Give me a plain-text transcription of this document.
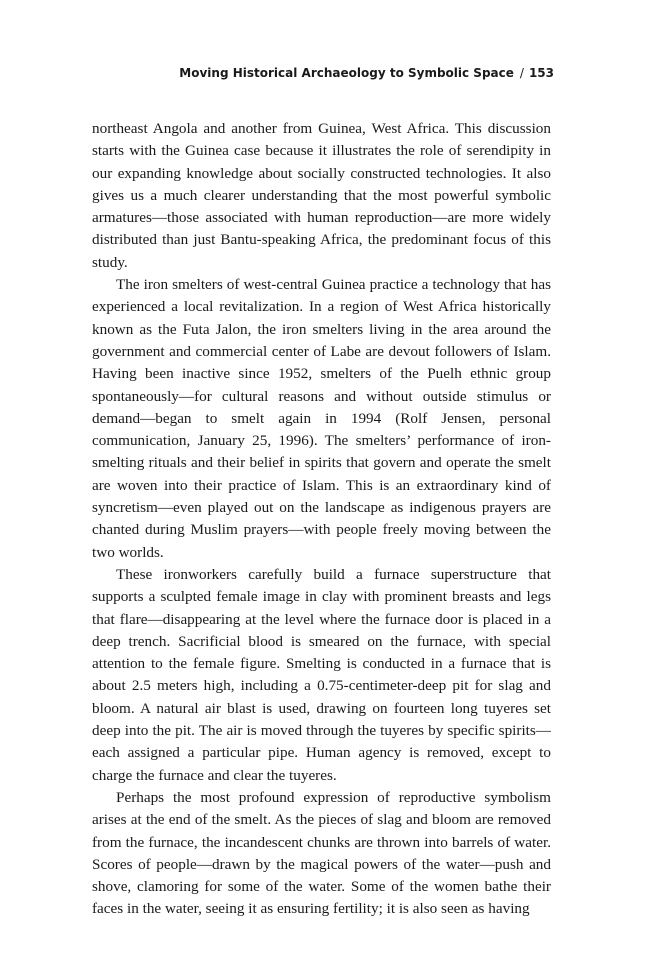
Moving Historical Archaeology to Symbolic Space / 153

northeast Angola and another from Guinea, West Africa. This discussion starts with the Guinea case because it illustrates the role of serendipity in our expanding knowledge about socially constructed technologies. It also gives us a much clearer understanding that the most powerful symbolic armatures—those associated with human reproduction—are more widely distributed than just Bantu-speaking Africa, the predominant focus of this study.

The iron smelters of west-central Guinea practice a technology that has experienced a local revitalization. In a region of West Africa historically known as the Futa Jalon, the iron smelters living in the area around the government and commercial center of Labe are devout followers of Islam. Having been inactive since 1952, smelters of the Puelh ethnic group spontaneously—for cultural reasons and without outside stimulus or demand—began to smelt again in 1994 (Rolf Jensen, personal communication, January 25, 1996). The smelters’ performance of iron-smelting rituals and their belief in spirits that govern and operate the smelt are woven into their practice of Islam. This is an extraordinary kind of syncretism—even played out on the landscape as indigenous prayers are chanted during Muslim prayers—with people freely moving between the two worlds.

These ironworkers carefully build a furnace superstructure that supports a sculpted female image in clay with prominent breasts and legs that flare—disappearing at the level where the furnace door is placed in a deep trench. Sacrificial blood is smeared on the furnace, with special attention to the female figure. Smelting is conducted in a furnace that is about 2.5 meters high, including a 0.75-centimeter-deep pit for slag and bloom. A natural air blast is used, drawing on fourteen long tuyeres set deep into the pit. The air is moved through the tuyeres by specific spirits—each assigned a particular pipe. Human agency is removed, except to charge the furnace and clear the tuyeres.

Perhaps the most profound expression of reproductive symbolism arises at the end of the smelt. As the pieces of slag and bloom are removed from the furnace, the incandescent chunks are thrown into barrels of water. Scores of people—drawn by the magical powers of the water—push and shove, clamoring for some of the water. Some of the women bathe their faces in the water, seeing it as ensuring fertility; it is also seen as having
